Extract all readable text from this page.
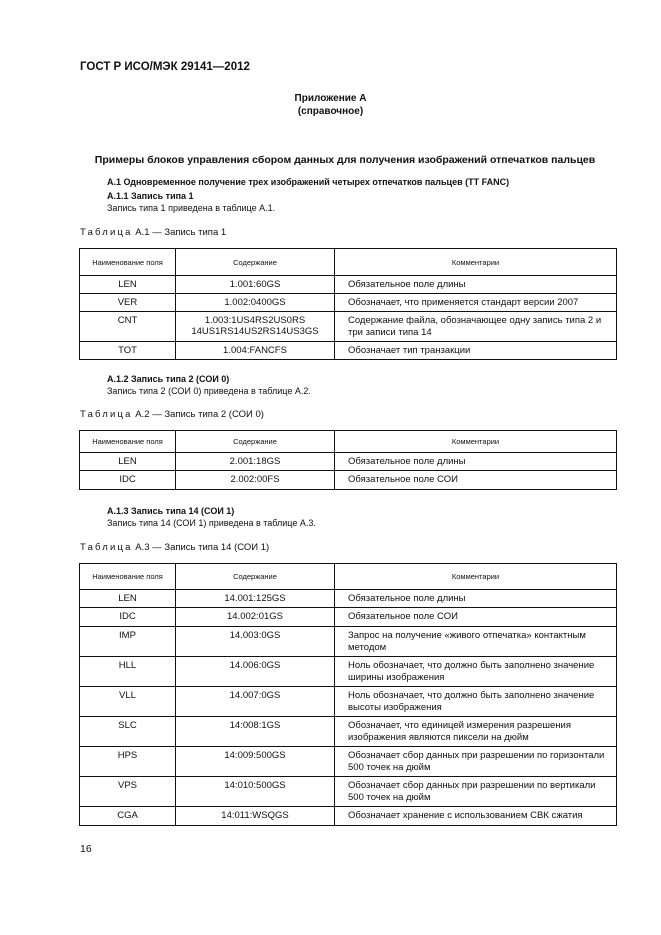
ГОСТ Р ИСО/МЭК 29141—2012
Приложение А
(справочное)
Примеры блоков управления сбором данных для получения изображений отпечатков пальцев
А.1 Одновременное получение трех изображений четырех отпечатков пальцев (ТТ FANC)
А.1.1 Запись типа 1
Запись типа 1 приведена в таблице А.1.
Таблица А.1 — Запись типа 1
Наименование поля	Содержание	Комментарии
LEN	1.001:60GS	Обязательное поле длины
VER	1.002:0400GS	Обозначает, что применяется стандарт версии 2007
CNT	1.003:1US4RS2US0RS
14US1RS14US2RS14US3GS	Содержание файла, обозначающее одну запись типа 2 и три записи типа 14
TOT	1.004:FANCFS	Обозначает тип транзакции
А.1.2 Запись типа 2 (СОИ 0)
Запись типа 2 (СОИ 0) приведена в таблице А.2.
Таблица А.2 — Запись типа 2 (СОИ 0)
Наименование поля	Содержание	Комментарии
LEN	2.001:18GS	Обязательное поле длины
IDC	2.002:00FS	Обязательное поле СОИ
А.1.3 Запись типа 14 (СОИ 1)
Запись типа 14 (СОИ 1) приведена в таблице А.3.
Таблица А.3 — Запись типа 14 (СОИ 1)
Наименование поля	Содержание	Комментарии
LEN	14.001:125GS	Обязательное поле длины
IDC	14.002:01GS	Обязательное поле СОИ
IMP	14.003:0GS	Запрос на получение «живого отпечатка» контактным методом
HLL	14.006:0GS	Ноль обозначает, что должно быть заполнено значение ширины изображения
VLL	14.007:0GS	Ноль обозначает, что должно быть заполнено значение высоты изображения
SLC	14:008:1GS	Обозначает, что единицей измерения разрешения изображения являются пиксели на дюйм
HPS	14:009:500GS	Обозначает сбор данных при разрешении по горизонтали 500 точек на дюйм
VPS	14:010:500GS	Обозначает сбор данных при разрешении по вертикали 500 точек на дюйм
CGA	14:011:WSQGS	Обозначает хранение с использованием СВК сжатия
16
